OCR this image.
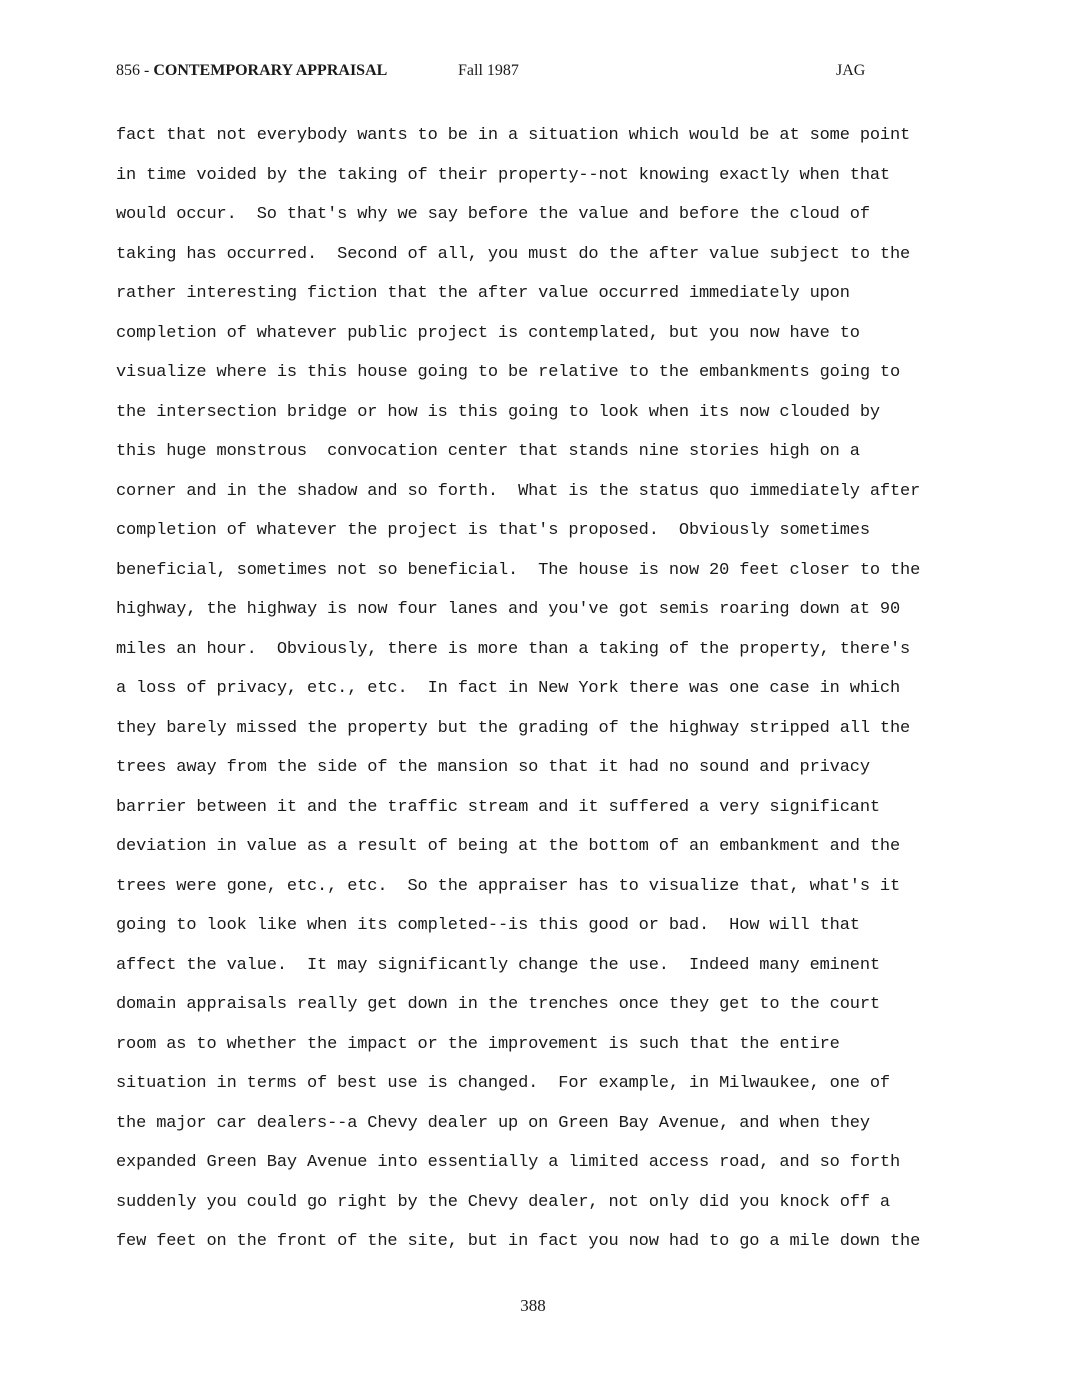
856 - CONTEMPORARY APPRAISAL	Fall 1987	JAG
fact that not everybody wants to be in a situation which would be at some point
in time voided by the taking of their property--not knowing exactly when that
would occur.  So that's why we say before the value and before the cloud of
taking has occurred.  Second of all, you must do the after value subject to the
rather interesting fiction that the after value occurred immediately upon
completion of whatever public project is contemplated, but you now have to
visualize where is this house going to be relative to the embankments going to
the intersection bridge or how is this going to look when its now clouded by
this huge monstrous  convocation center that stands nine stories high on a
corner and in the shadow and so forth.  What is the status quo immediately after
completion of whatever the project is that's proposed.  Obviously sometimes
beneficial, sometimes not so beneficial.  The house is now 20 feet closer to the
highway, the highway is now four lanes and you've got semis roaring down at 90
miles an hour.  Obviously, there is more than a taking of the property, there's
a loss of privacy, etc., etc.  In fact in New York there was one case in which
they barely missed the property but the grading of the highway stripped all the
trees away from the side of the mansion so that it had no sound and privacy
barrier between it and the traffic stream and it suffered a very significant
deviation in value as a result of being at the bottom of an embankment and the
trees were gone, etc., etc.  So the appraiser has to visualize that, what's it
going to look like when its completed--is this good or bad.  How will that
affect the value.  It may significantly change the use.  Indeed many eminent
domain appraisals really get down in the trenches once they get to the court
room as to whether the impact or the improvement is such that the entire
situation in terms of best use is changed.  For example, in Milwaukee, one of
the major car dealers--a Chevy dealer up on Green Bay Avenue, and when they
expanded Green Bay Avenue into essentially a limited access road, and so forth
suddenly you could go right by the Chevy dealer, not only did you knock off a
few feet on the front of the site, but in fact you now had to go a mile down the
388
